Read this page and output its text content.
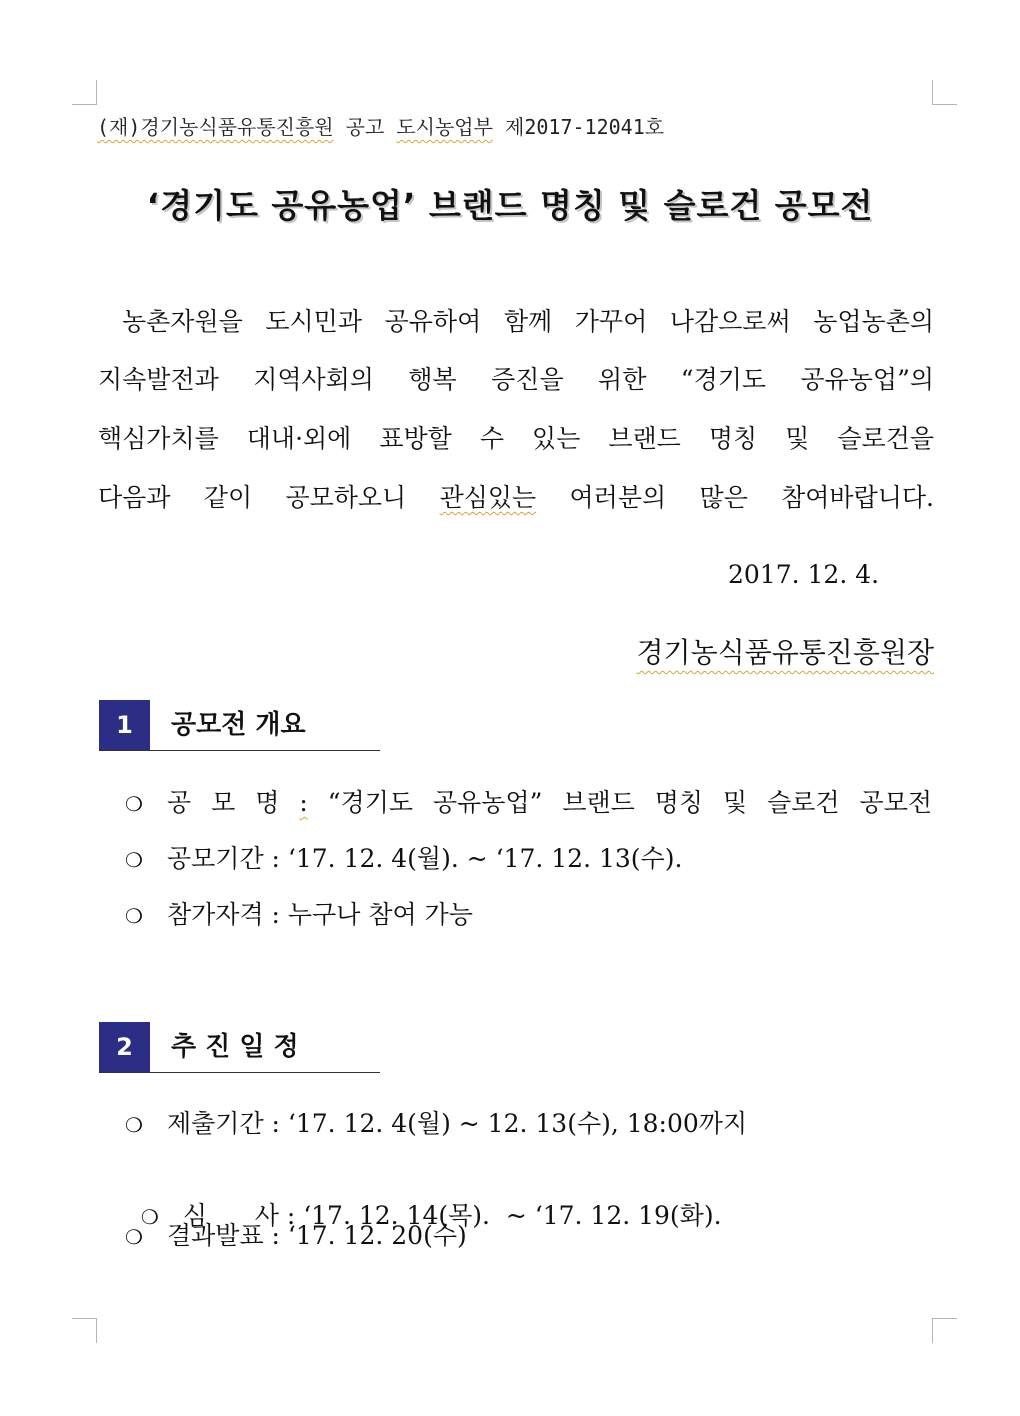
(재)경기농식품유통진흥원 공고 도시농업부 제2017-12041호
‘경기도 공유농업’ 브랜드 명칭 및 슬로건 공모전
농촌자원을 도시민과 공유하여 함께 가꾸어 나감으로써 농업농촌의
지속발전과 지역사회의 행복 증진을 위한 “경기도 공유농업”의
핵심가치를 대내·외에 표방할 수 있는 브랜드 명칭 및 슬로건을
다음과 같이 공모하오니 관심있는 여러분의 많은 참여바랍니다.
2017. 12. 4.
경기농식품유통진흥원장
1	공모전 개요
❍ 공 모 명 : “경기도 공유농업” 브랜드 명칭 및 슬로건 공모전
❍ 공모기간 : ‘17. 12. 4(월). ~ ‘17. 12. 13(수).
❍ 참가자격 : 누구나 참여 가능
2	추 진 일 정
❍ 제출기간 : ‘17. 12. 4(월) ~ 12. 13(수), 18:00까지

❍ 심      사 : ‘17. 12. 14(목).  ~ ‘17. 12. 19(화).

❍ 결과발표 : ‘17. 12. 20(수)
